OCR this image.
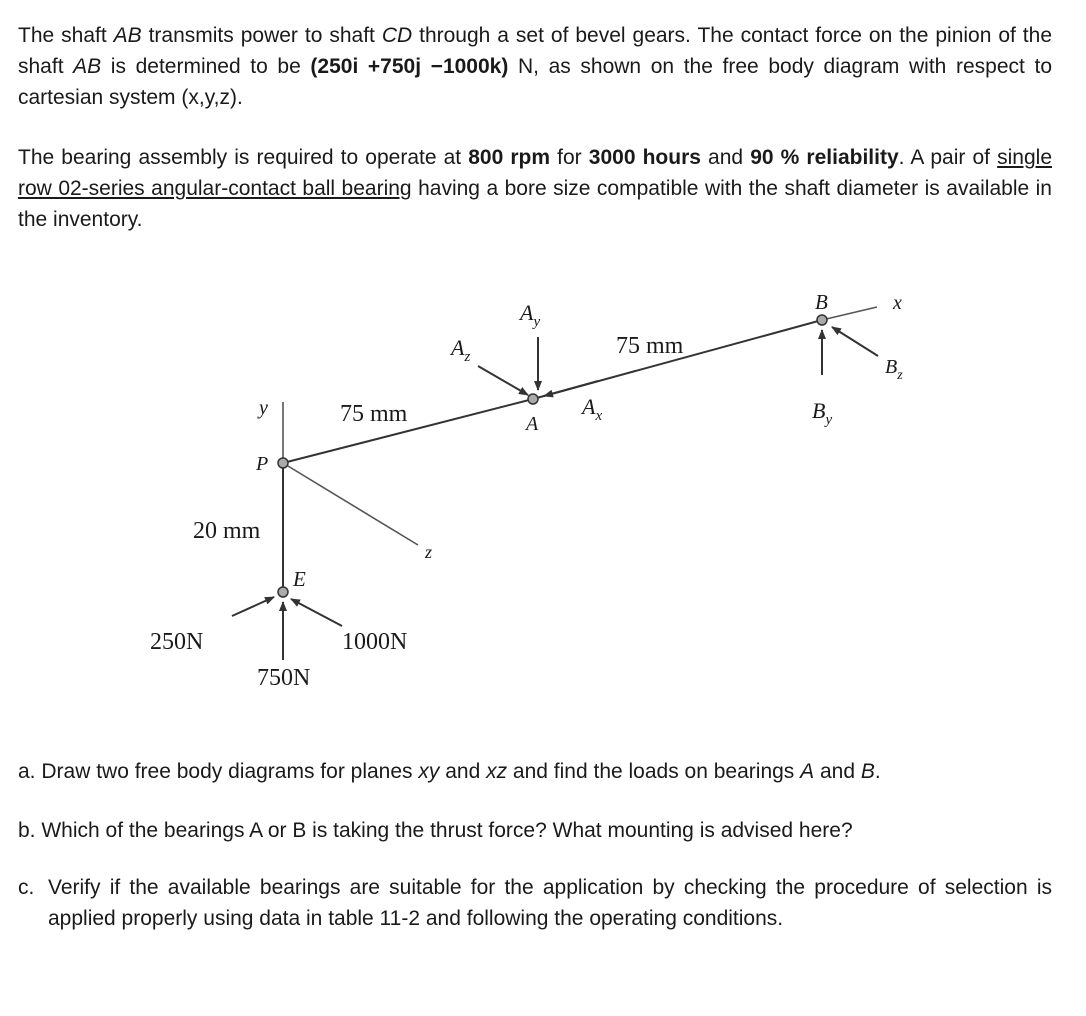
The shaft AB transmits power to shaft CD through a set of bevel gears. The contact force on the pinion of the shaft AB is determined to be (250i +750j −1000k) N, as shown on the free body diagram with respect to cartesian system (x,y,z).

The bearing assembly is required to operate at 800 rpm for 3000 hours and 90 % reliability. A pair of single row 02-series angular-contact ball bearing having a bore size compatible with the shaft diameter is available in the inventory.

$A_y$
$A_z$
A
$A_x$
75 mm
B	x
$B_z$
$B_y$
y	75 mm
P
20 mm
z
E
250N	1000N
750N

a. Draw two free body diagrams for planes xy and xz and find the loads on bearings A and B.

b. Which of the bearings A or B is taking the thrust force? What mounting is advised here?

c. Verify if the available bearings are suitable for the application by checking the procedure of selection is applied properly using data in table 11-2 and following the operating conditions.
